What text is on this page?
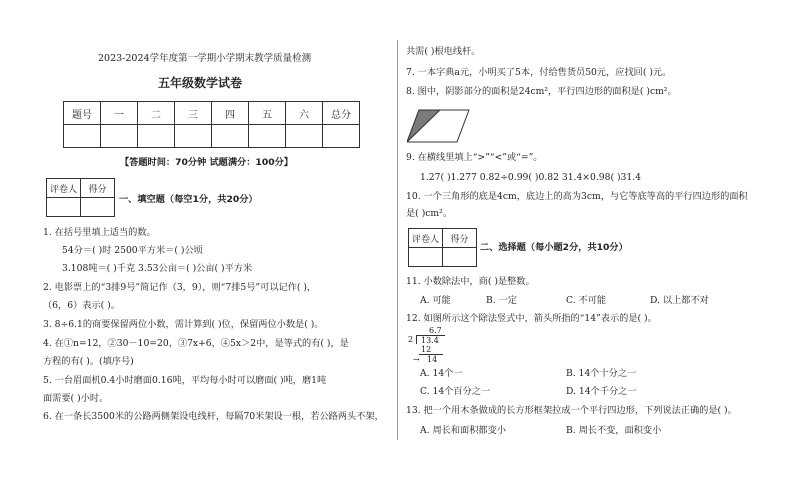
2023-2024学年度第一学期小学期末教学质量检测
五年级数学试卷
题号	一	二	三	四	五	六	总分

【答题时间：70分钟 试题满分：100分】
评卷人	得分

一、填空题（每空1分，共20分）
1. 在括号里填上适当的数。
54分＝( )时 2500平方米＝( )公顷
3.108吨＝( )千克 3.53公亩＝( )公亩( )平方米
2. 电影票上的“3排9号”简记作（3，9），则“7排5号”可以记作( )，
（6，6）表示( )。
3. 8÷6.1的商要保留两位小数，需计算到( )位，保留两位小数是( )。
4. 在①n=12，②30－10=20，③7x+6，④5x＞2中，是等式的有( )，是
方程的有( )。(填序号)
5. 一台眉面机0.4小时磨面0.16吨，平均每小时可以磨面( )吨，磨1吨
面需要( )小时。
6. 在一条长3500米的公路两侧架设电线杆，每隔70米架设一根，若公路两头不架，
共需( )根电线杆。
7. 一本字典a元，小明买了5本，付给售货员50元，应找回( )元。
8. 图中，阴影部分的面积是24cm²，平行四边形的面积是( )cm²。
9. 在横线里填上“>”“<”或“=”。
1.27( )1.277 0.82÷0.99( )0.82 31.4×0.98( )31.4
10. 一个三角形的底是4cm，底边上的高为3cm，与它等底等高的平行四边形的面积
是( )cm²。
评卷人	得分

二、选择题（每小题2分，共10分）
11. 小数除法中，商( )是整数。
A. 可能	B. 一定	C. 不可能	D. 以上都不对
12. 如图所示这个除法竖式中，箭头所指的“14”表示的是( )。
6.7
2 13.4
12
14
→
A. 14个一	B. 14个十分之一
C. 14个百分之一	D. 14个千分之一
13. 把一个用木条做成的长方形框架拉成一个平行四边形，下列说法正确的是( )。
A. 周长和面积都变小	B. 周长不变，面积变小
